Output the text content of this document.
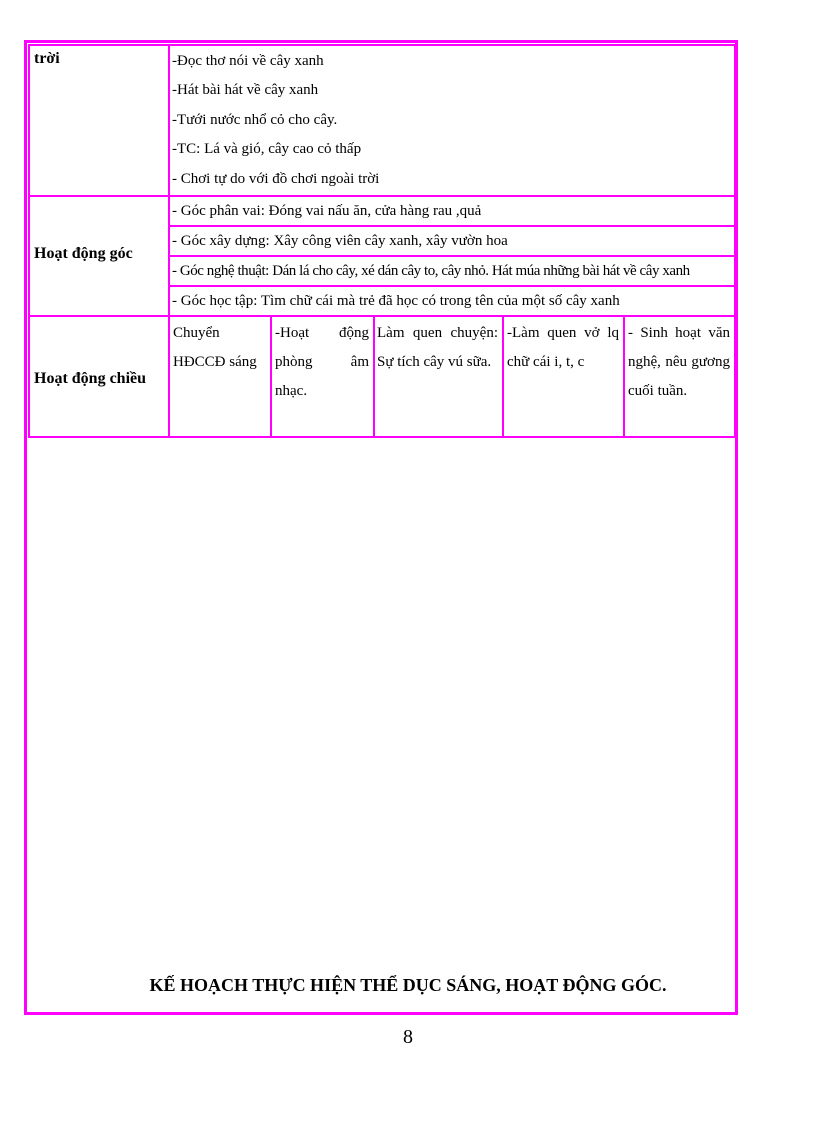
trời	-Đọc thơ nói về cây xanh
-Hát bài hát về cây xanh
-Tưới nước nhổ cỏ cho cây.
-TC: Lá và gió, cây cao cỏ thấp
- Chơi tự do với đồ chơi ngoài trời
Hoạt động góc
- Góc phân vai: Đóng vai nấu ăn, cửa hàng rau ,quả
- Góc xây dựng: Xây công viên cây xanh, xây vườn hoa
- Góc nghệ thuật: Dán lá cho cây, xé dán cây to, cây nhỏ. Hát múa những bài hát về cây xanh
- Góc học tập: Tìm chữ cái mà trẻ đã học có trong tên của một số cây xanh
Hoạt động chiều
Chuyển HĐCCĐ sáng
-Hoạt động phòng âm nhạc.
Làm quen chuyện: Sự tích cây vú sữa.
-Làm quen vở lq chữ cái i, t, c
- Sinh hoạt văn nghệ, nêu gương cuối tuần.
KẾ HOẠCH THỰC HIỆN THỂ DỤC SÁNG, HOẠT ĐỘNG GÓC.
8
